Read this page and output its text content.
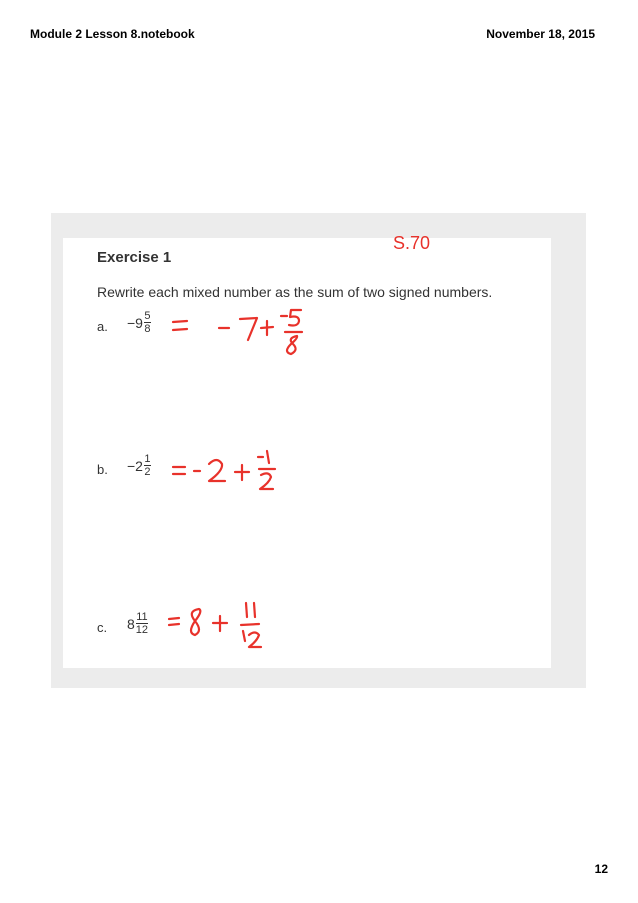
Module 2 Lesson 8.notebook	November 18, 2015
Exercise 1
S.70
Rewrite each mixed number as the sum of two signed numbers.
a. $-9 \frac{5}{8}$
b. $-2 \frac{1}{2}$
c. $8 \frac{11}{12}$
12
